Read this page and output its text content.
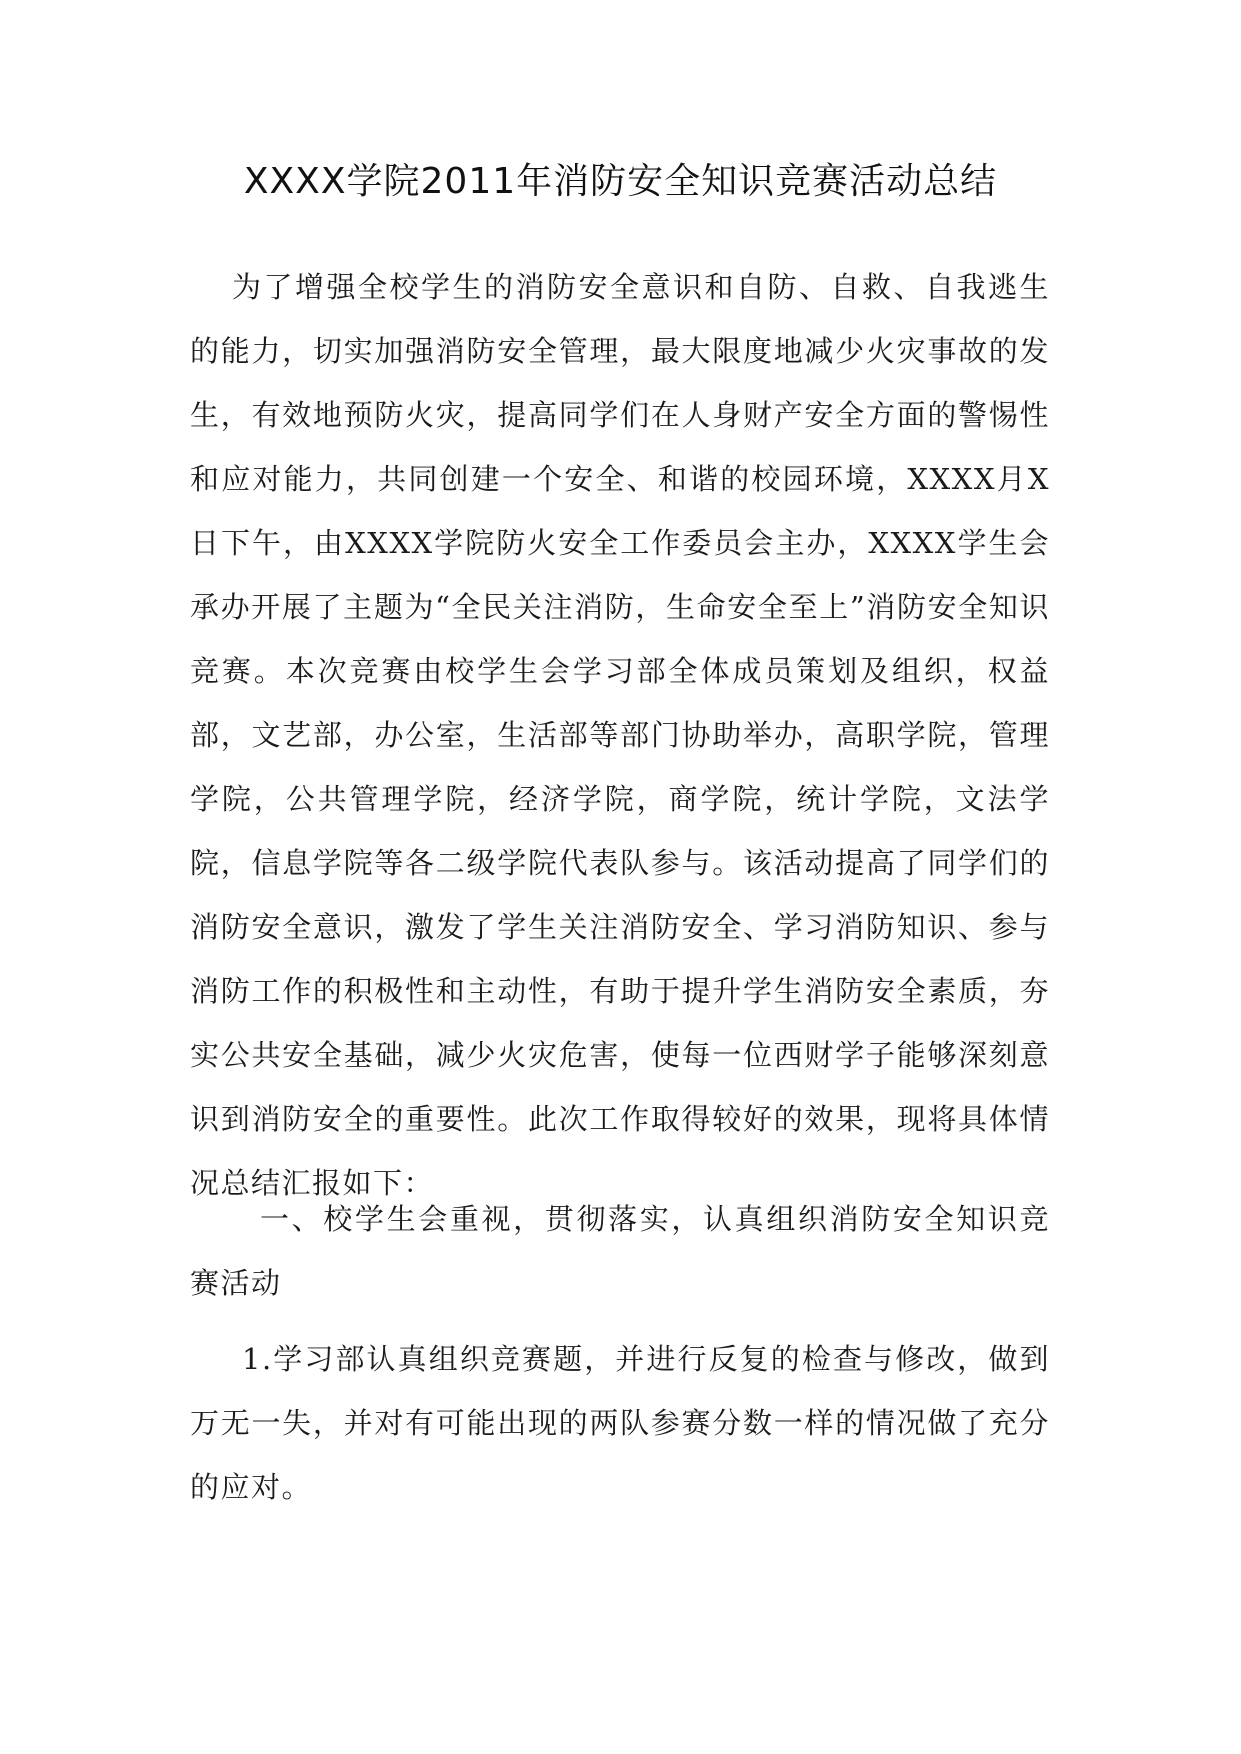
XXXX学院2011年消防安全知识竞赛活动总结
为了增强全校学生的消防安全意识和自防、自救、自我逃生的能力，切实加强消防安全管理，最大限度地减少火灾事故的发生，有效地预防火灾，提高同学们在人身财产安全方面的警惕性和应对能力，共同创建一个安全、和谐的校园环境，XXXX月X日下午，由XXXX学院防火安全工作委员会主办，XXXX学生会承办开展了主题为“全民关注消防，生命安全至上”消防安全知识竞赛。本次竞赛由校学生会学习部全体成员策划及组织，权益部，文艺部，办公室，生活部等部门协助举办，高职学院，管理学院，公共管理学院，经济学院，商学院，统计学院，文法学院，信息学院等各二级学院代表队参与。该活动提高了同学们的消防安全意识，激发了学生关注消防安全、学习消防知识、参与消防工作的积极性和主动性，有助于提升学生消防安全素质，夯实公共安全基础，减少火灾危害，使每一位西财学子能够深刻意识到消防安全的重要性。此次工作取得较好的效果，现将具体情况总结汇报如下：
一、校学生会重视，贯彻落实，认真组织消防安全知识竞赛活动
1.学习部认真组织竞赛题，并进行反复的检查与修改，做到万无一失，并对有可能出现的两队参赛分数一样的情况做了充分的应对。
